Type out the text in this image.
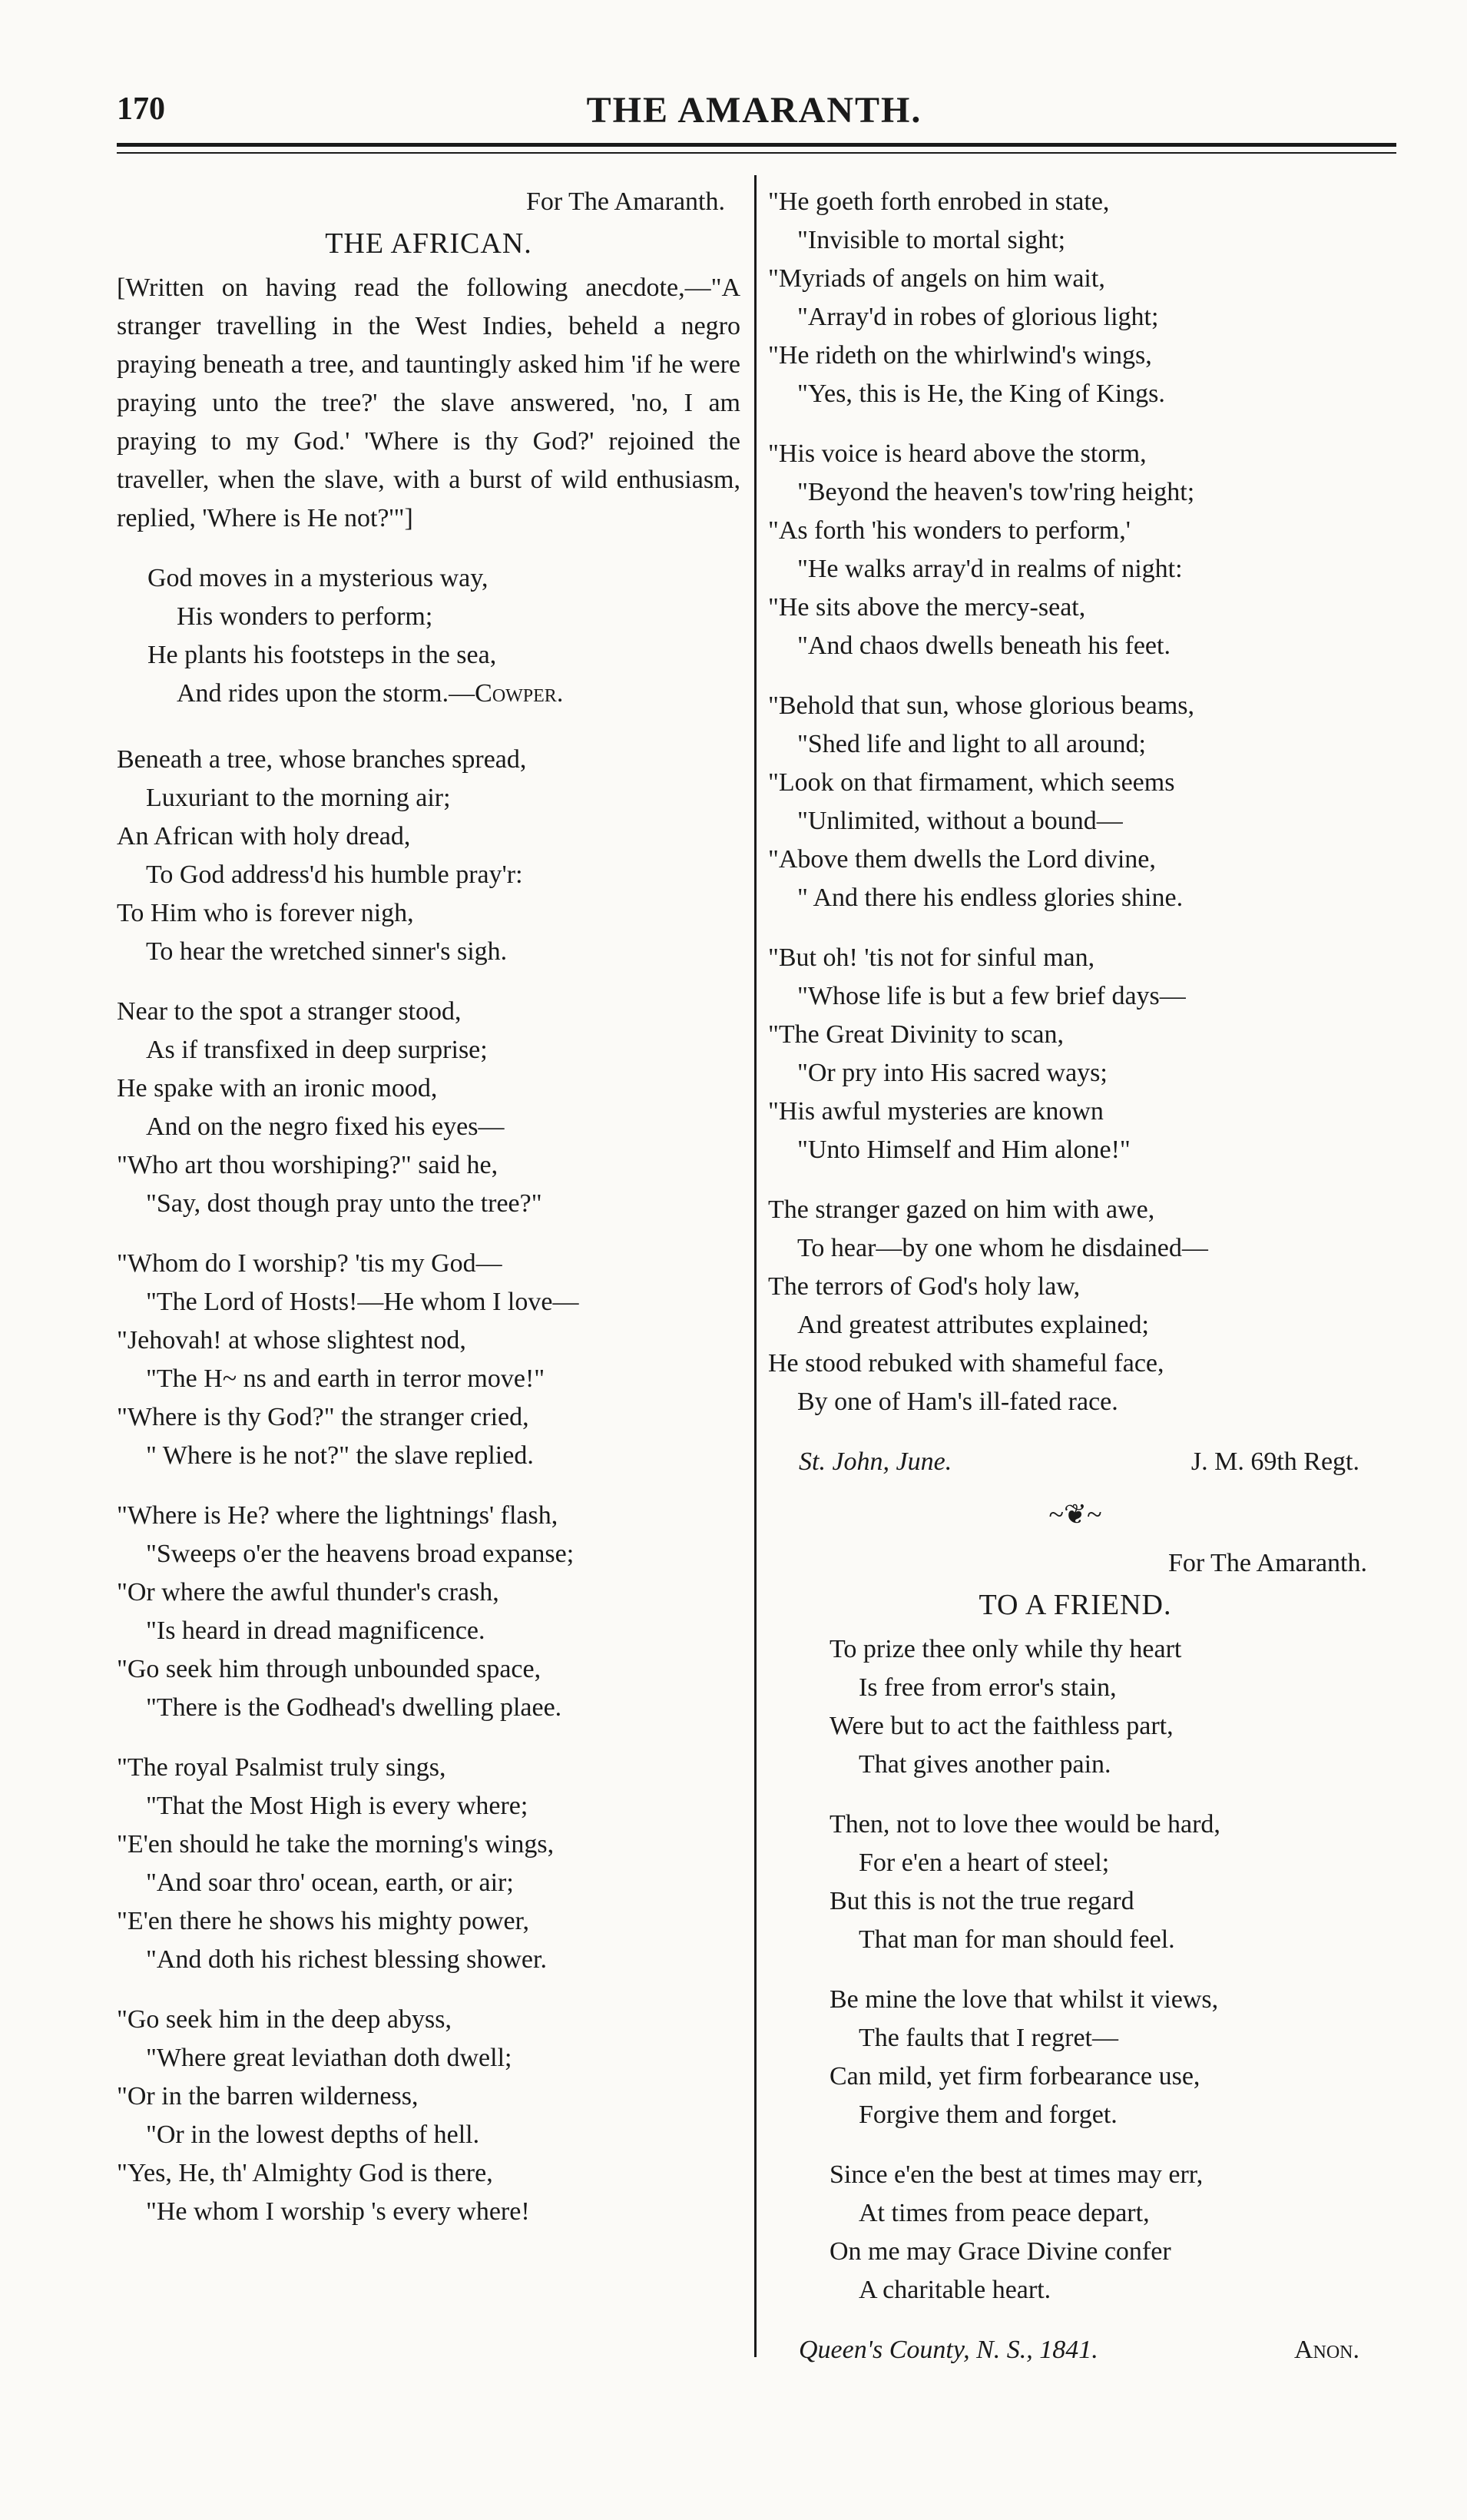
170	THE AMARANTH.
For The Amaranth.
THE AFRICAN.
[Written on having read the following anecdote,—"A stranger travelling in the West Indies, beheld a negro praying beneath a tree, and tauntingly asked him 'if he were praying unto the tree?' the slave answered, 'no, I am praying to my God.' 'Where is thy God?' rejoined the traveller, when the slave, with a burst of wild enthusiasm, replied, 'Where is He not?'"]
God moves in a mysterious way,
His wonders to perform;
He plants his footsteps in the sea,
And rides upon the storm.—Cowper.
Beneath a tree, whose branches spread,
Luxuriant to the morning air;
An African with holy dread,
To God address'd his humble pray'r:
To Him who is forever nigh,
To hear the wretched sinner's sigh.
Near to the spot a stranger stood,
As if transfixed in deep surprise;
He spake with an ironic mood,
And on the negro fixed his eyes—
"Who art thou worshiping?" said he,
"Say, dost though pray unto the tree?"
"Whom do I worship? 'tis my God—
"The Lord of Hosts!—He whom I love—
"Jehovah! at whose slightest nod,
"The H~ ns and earth in terror move!"
"Where is thy God?" the stranger cried,
" Where is he not?" the slave replied.
"Where is He? where the lightnings' flash,
"Sweeps o'er the heavens broad expanse;
"Or where the awful thunder's crash,
"Is heard in dread magnificence.
"Go seek him through unbounded space,
"There is the Godhead's dwelling plaee.
"The royal Psalmist truly sings,
"That the Most High is every where;
"E'en should he take the morning's wings,
"And soar thro' ocean, earth, or air;
"E'en there he shows his mighty power,
"And doth his richest blessing shower.
"Go seek him in the deep abyss,
"Where great leviathan doth dwell;
"Or in the barren wilderness,
"Or in the lowest depths of hell.
"Yes, He, th' Almighty God is there,
"He whom I worship 's every where!
"He goeth forth enrobed in state,
"Invisible to mortal sight;
"Myriads of angels on him wait,
"Array'd in robes of glorious light;
"He rideth on the whirlwind's wings,
"Yes, this is He, the King of Kings.
"His voice is heard above the storm,
"Beyond the heaven's tow'ring height;
"As forth 'his wonders to perform,'
"He walks array'd in realms of night:
"He sits above the mercy-seat,
"And chaos dwells beneath his feet.
"Behold that sun, whose glorious beams,
"Shed life and light to all around;
"Look on that firmament, which seems
"Unlimited, without a bound—
"Above them dwells the Lord divine,
" And there his endless glories shine.
"But oh! 'tis not for sinful man,
"Whose life is but a few brief days—
"The Great Divinity to scan,
"Or pry into His sacred ways;
"His awful mysteries are known
"Unto Himself and Him alone!"
The stranger gazed on him with awe,
To hear—by one whom he disdained—
The terrors of God's holy law,
And greatest attributes explained;
He stood rebuked with shameful face,
By one of Ham's ill-fated race.
St. John, June.	J. M. 69th Regt.
~❦~
For The Amaranth.
TO A FRIEND.
To prize thee only while thy heart
Is free from error's stain,
Were but to act the faithless part,
That gives another pain.
Then, not to love thee would be hard,
For e'en a heart of steel;
But this is not the true regard
That man for man should feel.
Be mine the love that whilst it views,
The faults that I regret—
Can mild, yet firm forbearance use,
Forgive them and forget.
Since e'en the best at times may err,
At times from peace depart,
On me may Grace Divine confer
A charitable heart.
Queen's County, N. S., 1841.	Anon.
